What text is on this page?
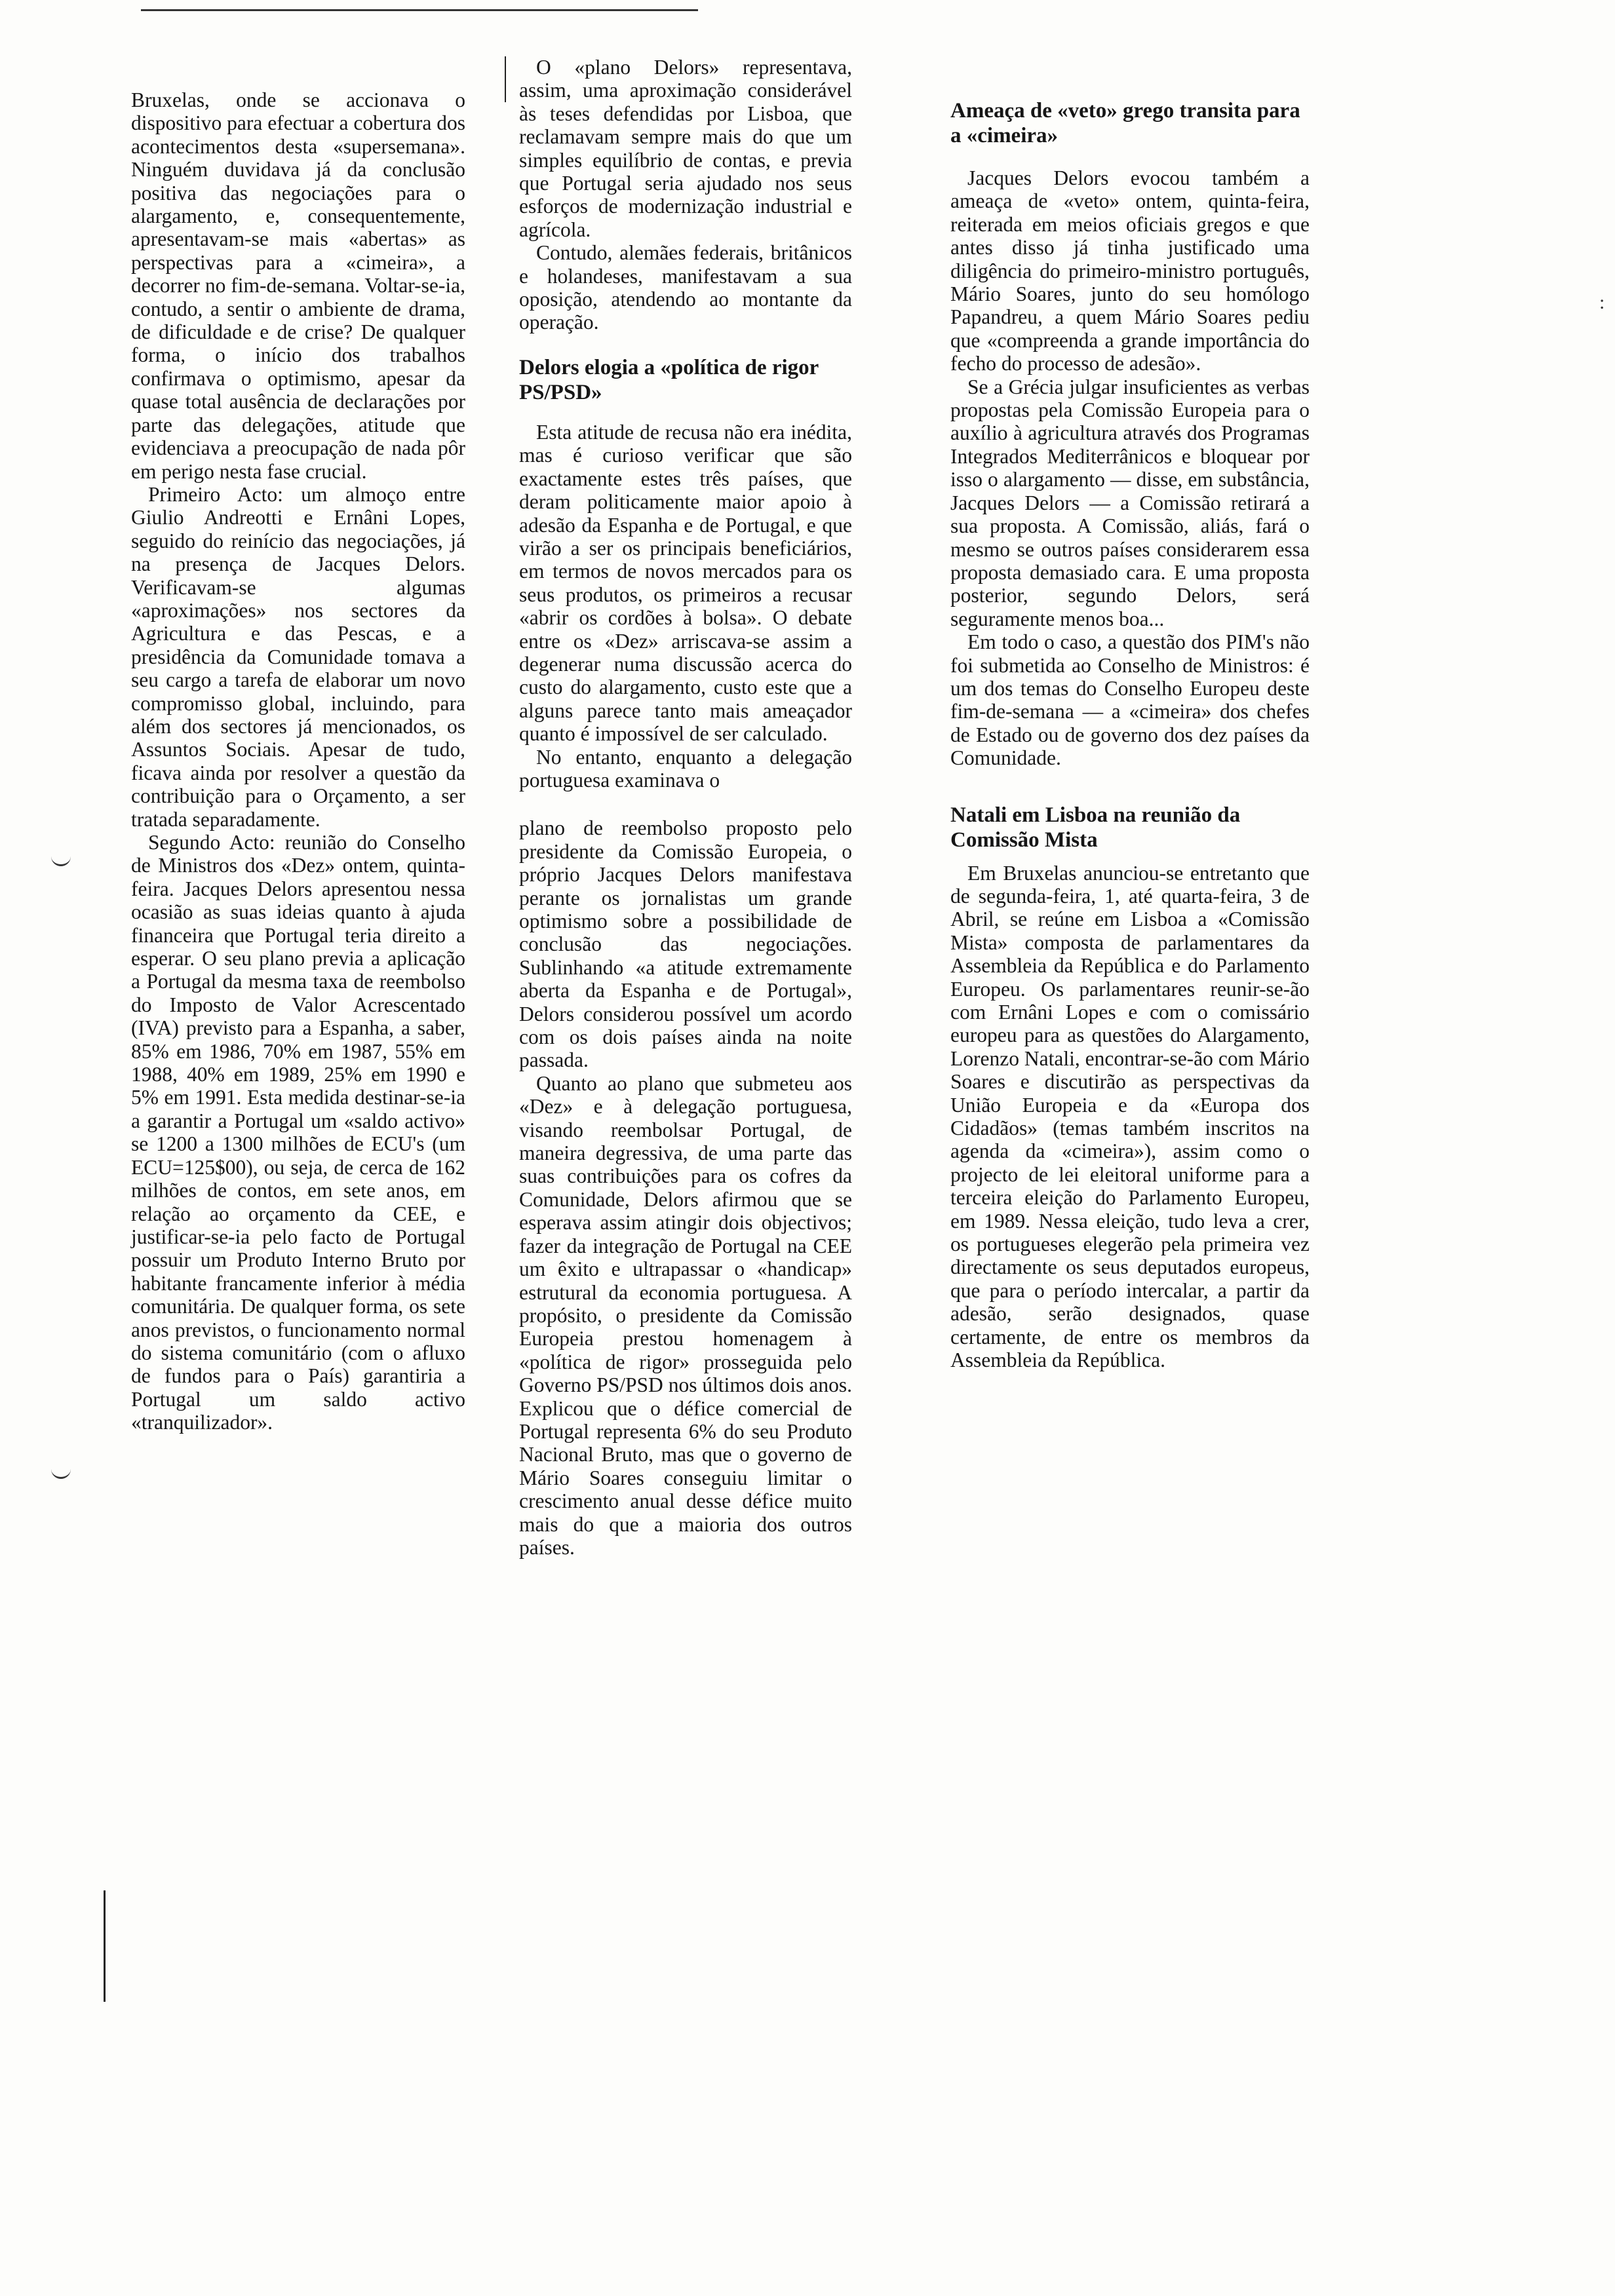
:

Bruxelas, onde se accionava o dispositivo para efectuar a cobertura dos acontecimentos desta «supersemana». Ninguém duvidava já da conclusão positiva das negociações para o alargamento, e, consequentemente, apresentavam-se mais «abertas» as perspectivas para a «cimeira», a decorrer no fim-de-semana. Voltar-se-ia, contudo, a sentir o ambiente de drama, de dificuldade e de crise? De qualquer forma, o início dos trabalhos confirmava o optimismo, apesar da quase total ausência de declarações por parte das delegações, atitude que evidenciava a preocupação de nada pôr em perigo nesta fase crucial.

Primeiro Acto: um almoço entre Giulio Andreotti e Ernâni Lopes, seguido do reinício das negociações, já na presença de Jacques Delors. Verificavam-se algumas «aproximações» nos sectores da Agricultura e das Pescas, e a presidência da Comunidade tomava a seu cargo a tarefa de elaborar um novo compromisso global, incluindo, para além dos sectores já mencionados, os Assuntos Sociais. Apesar de tudo, ficava ainda por resolver a questão da contribuição para o Orçamento, a ser tratada separadamente.

Segundo Acto: reunião do Conselho de Ministros dos «Dez» ontem, quinta-feira. Jacques Delors apresentou nessa ocasião as suas ideias quanto à ajuda financeira que Portugal teria direito a esperar. O seu plano previa a aplicação a Portugal da mesma taxa de reembolso do Imposto de Valor Acrescentado (IVA) previsto para a Espanha, a saber, 85% em 1986, 70% em 1987, 55% em 1988, 40% em 1989, 25% em 1990 e 5% em 1991. Esta medida destinar-se-ia a garantir a Portugal um «saldo activo» se 1200 a 1300 milhões de ECU's (um ECU=125$00), ou seja, de cerca de 162 milhões de contos, em sete anos, em relação ao orçamento da CEE, e justificar-se-ia pelo facto de Portugal possuir um Produto Interno Bruto por habitante francamente inferior à média comunitária. De qualquer forma, os sete anos previstos, o funcionamento normal do sistema comunitário (com o afluxo de fundos para o País) garantiria a Portugal um saldo activo «tranquilizador».

O «plano Delors» representava, assim, uma aproximação considerável às teses defendidas por Lisboa, que reclamavam sempre mais do que um simples equilíbrio de contas, e previa que Portugal seria ajudado nos seus esforços de modernização industrial e agrícola.

Contudo, alemães federais, britânicos e holandeses, manifestavam a sua oposição, atendendo ao montante da operação.

Delors elogia a «política de rigor PS/PSD»

Esta atitude de recusa não era inédita, mas é curioso verificar que são exactamente estes três países, que deram politicamente maior apoio à adesão da Espanha e de Portugal, e que virão a ser os principais beneficiários, em termos de novos mercados para os seus produtos, os primeiros a recusar «abrir os cordões à bolsa». O debate entre os «Dez» arriscava-se assim a degenerar numa discussão acerca do custo do alargamento, custo este que a alguns parece tanto mais ameaçador quanto é impossível de ser calculado.

No entanto, enquanto a delegação portuguesa examinava o

plano de reembolso proposto pelo presidente da Comissão Europeia, o próprio Jacques Delors manifestava perante os jornalistas um grande optimismo sobre a possibilidade de conclusão das negociações. Sublinhando «a atitude extremamente aberta da Espanha e de Portugal», Delors considerou possível um acordo com os dois países ainda na noite passada.

Quanto ao plano que submeteu aos «Dez» e à delegação portuguesa, visando reembolsar Portugal, de maneira degressiva, de uma parte das suas contribuições para os cofres da Comunidade, Delors afirmou que se esperava assim atingir dois objectivos; fazer da integração de Portugal na CEE um êxito e ultrapassar o «handicap» estrutural da economia portuguesa. A propósito, o presidente da Comissão Europeia prestou homenagem à «política de rigor» prosseguida pelo Governo PS/PSD nos últimos dois anos. Explicou que o défice comercial de Portugal representa 6% do seu Produto Nacional Bruto, mas que o governo de Mário Soares conseguiu limitar o crescimento anual desse défice muito mais do que a maioria dos outros países.

Ameaça de «veto» grego transita para a «cimeira»

Jacques Delors evocou também a ameaça de «veto» ontem, quinta-feira, reiterada em meios oficiais gregos e que antes disso já tinha justificado uma diligência do primeiro-ministro português, Mário Soares, junto do seu homólogo Papandreu, a quem Mário Soares pediu que «compreenda a grande importância do fecho do processo de adesão».

Se a Grécia julgar insuficientes as verbas propostas pela Comissão Europeia para o auxílio à agricultura através dos Programas Integrados Mediterrânicos e bloquear por isso o alargamento — disse, em substância, Jacques Delors — a Comissão retirará a sua proposta. A Comissão, aliás, fará o mesmo se outros países considerarem essa proposta demasiado cara. E uma proposta posterior, segundo Delors, será seguramente menos boa...

Em todo o caso, a questão dos PIM's não foi submetida ao Conselho de Ministros: é um dos temas do Conselho Europeu deste fim-de-semana — a «cimeira» dos chefes de Estado ou de governo dos dez países da Comunidade.

Natali em Lisboa na reunião da Comissão Mista

Em Bruxelas anunciou-se entretanto que de segunda-feira, 1, até quarta-feira, 3 de Abril, se reúne em Lisboa a «Comissão Mista» composta de parlamentares da Assembleia da República e do Parlamento Europeu. Os parlamentares reunir-se-ão com Ernâni Lopes e com o comissário europeu para as questões do Alargamento, Lorenzo Natali, encontrar-se-ão com Mário Soares e discutirão as perspectivas da União Europeia e da «Europa dos Cidadãos» (temas também inscritos na agenda da «cimeira»), assim como o projecto de lei eleitoral uniforme para a terceira eleição do Parlamento Europeu, em 1989. Nessa eleição, tudo leva a crer, os portugueses elegerão pela primeira vez directamente os seus deputados europeus, que para o período intercalar, a partir da adesão, serão designados, quase certamente, de entre os membros da Assembleia da República.
